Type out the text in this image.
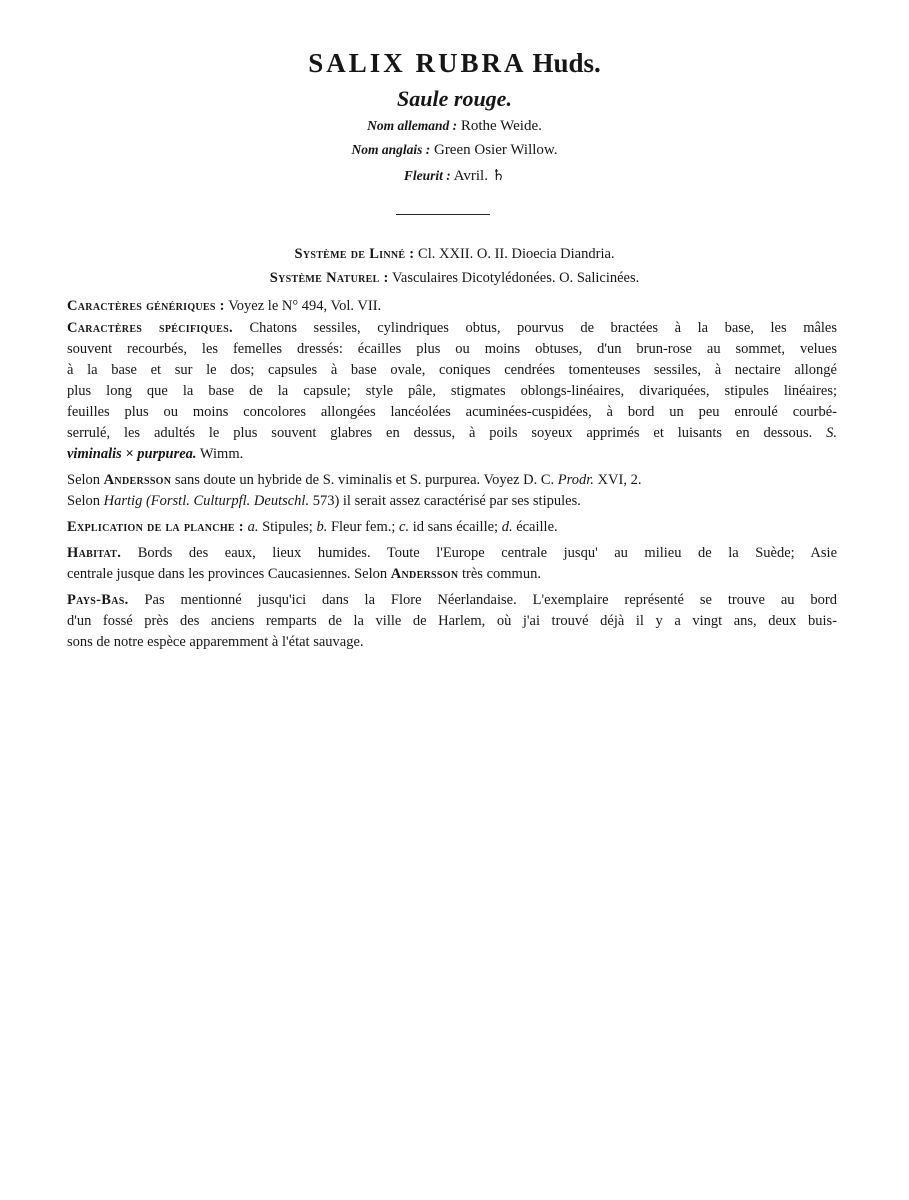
SALIX RUBRA Huds.
Saule rouge.
Nom allemand : Rothe Weide.
Nom anglais : Green Osier Willow.
Fleurit : Avril. ♄
Système de Linné : Cl. XXII. O. II. Dioecia Diandria.
Système Naturel : Vasculaires Dicotylédonées. O. Salicinées.
Caractères génériques : Voyez le N° 494, Vol. VII.
Caractères spécifiques. Chatons sessiles, cylindriques obtus, pourvus de bractées à la base, les mâles
souvent recourbés, les femelles dressés: écailles plus ou moins obtuses, d'un brun-rose au sommet, velues
à la base et sur le dos; capsules à base ovale, coniques cendrées tomenteuses sessiles, à nectaire allongé
plus long que la base de la capsule; style pâle, stigmates oblongs-linéaires, divariquées, stipules linéaires;
feuilles plus ou moins concolores allongées lancéolées acuminées-cuspidées, à bord un peu enroulé courbé-
serrulé, les adultés le plus souvent glabres en dessus, à poils soyeux apprimés et luisants en dessous. S.
viminalis × purpurea. Wimm.
Selon Andersson sans doute un hybride de S. viminalis et S. purpurea. Voyez D. C. Prodr. XVI, 2.
Selon Hartig (Forstl. Culturpfl. Deutschl. 573) il serait assez caractérisé par ses stipules.
Explication de la planche : a. Stipules; b. Fleur fem.; c. id sans écaille; d. écaille.
Habitat. Bords des eaux, lieux humides. Toute l'Europe centrale jusqu' au milieu de la Suède; Asie
centrale jusque dans les provinces Caucasiennes. Selon Andersson très commun.
Pays-Bas. Pas mentionné jusqu'ici dans la Flore Néerlandaise. L'exemplaire représenté se trouve au bord
d'un fossé près des anciens remparts de la ville de Harlem, où j'ai trouvé déjà il y a vingt ans, deux buis-
sons de notre espèce apparemment à l'état sauvage.
